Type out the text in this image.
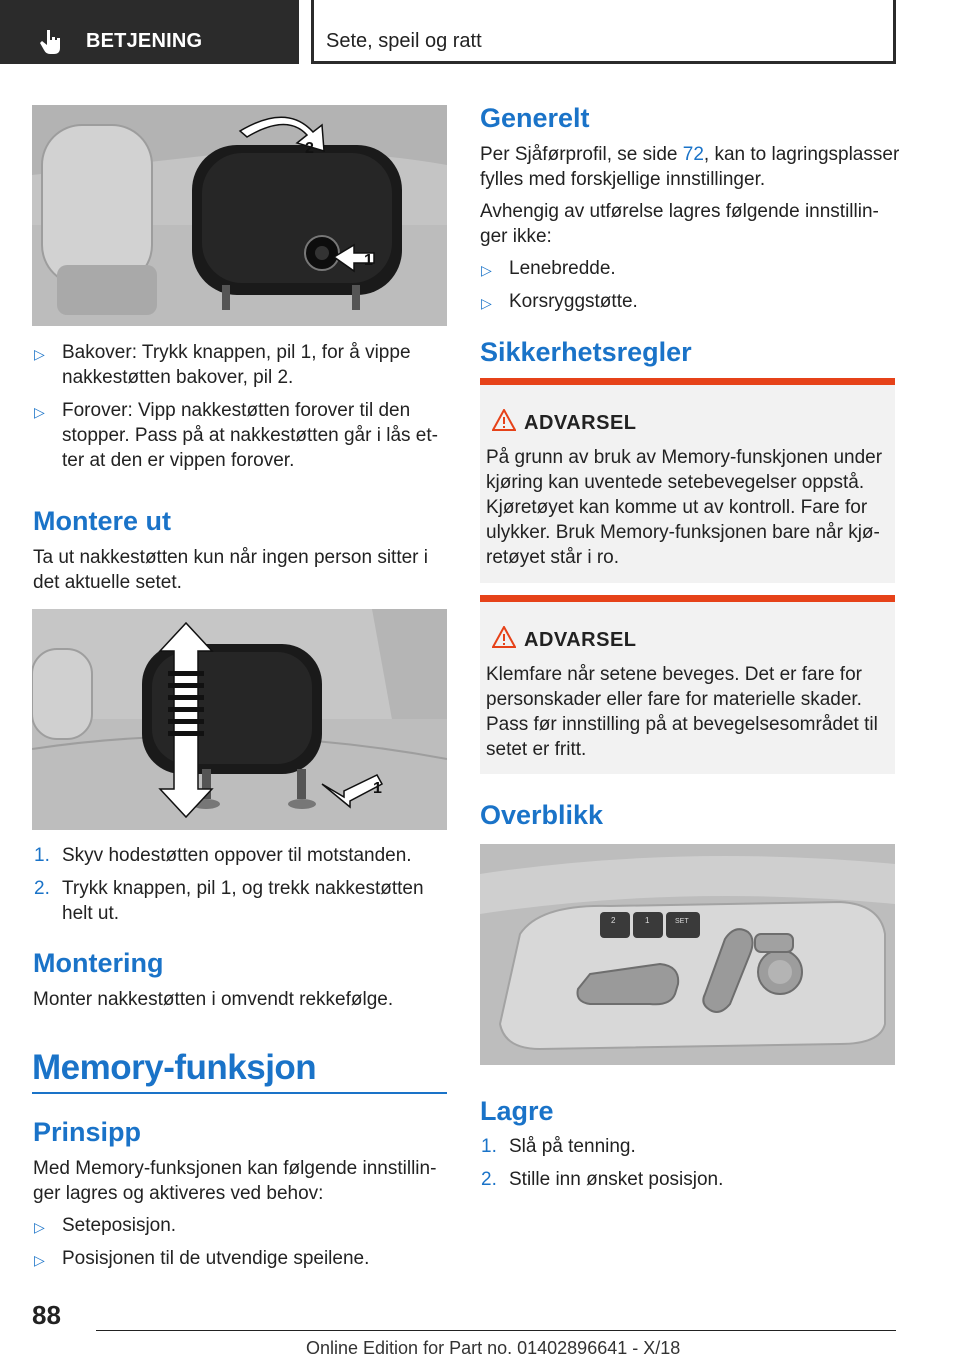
BETJENING	Sete, speil og ratt
2
1
▷ Bakover: Trykk knappen, pil 1, for å vippe
nakkestøtten bakover, pil 2.
▷ Forover: Vipp nakkestøtten forover til den
stopper. Pass på at nakkestøtten går i lås et-
ter at den er vippen forover.
Montere ut
Ta ut nakkestøtten kun når ingen person sitter i
det aktuelle setet.
1
1. Skyv hodestøtten oppover til motstanden.
2. Trykk knappen, pil 1, og trekk nakkestøtten
helt ut.
Montering
Monter nakkestøtten i omvendt rekkefølge.
Memory-funksjon
Prinsipp
Med Memory-funksjonen kan følgende innstillin-
ger lagres og aktiveres ved behov:
▷ Seteposisjon.
▷ Posisjonen til de utvendige speilene.
Generelt
Per Sjåførprofil, se side 72, kan to lagringsplasser
fylles med forskjellige innstillinger.
Avhengig av utførelse lagres følgende innstillin-
ger ikke:
▷ Lenebredde.
▷ Korsryggstøtte.
Sikkerhetsregler
ADVARSEL
På grunn av bruk av Memory-funskjonen under
kjøring kan uventede setebevegelser oppstå.
Kjøretøyet kan komme ut av kontroll. Fare for
ulykker. Bruk Memory-funksjonen bare når kjø-
retøyet står i ro.
ADVARSEL
Klemfare når setene beveges. Det er fare for
personskader eller fare for materielle skader.
Pass før innstilling på at bevegelsesområdet til
setet er fritt.
Overblikk
2	1	SET
Lagre
1. Slå på tenning.
2. Stille inn ønsket posisjon.
88
Online Edition for Part no. 01402896641 - X/18
